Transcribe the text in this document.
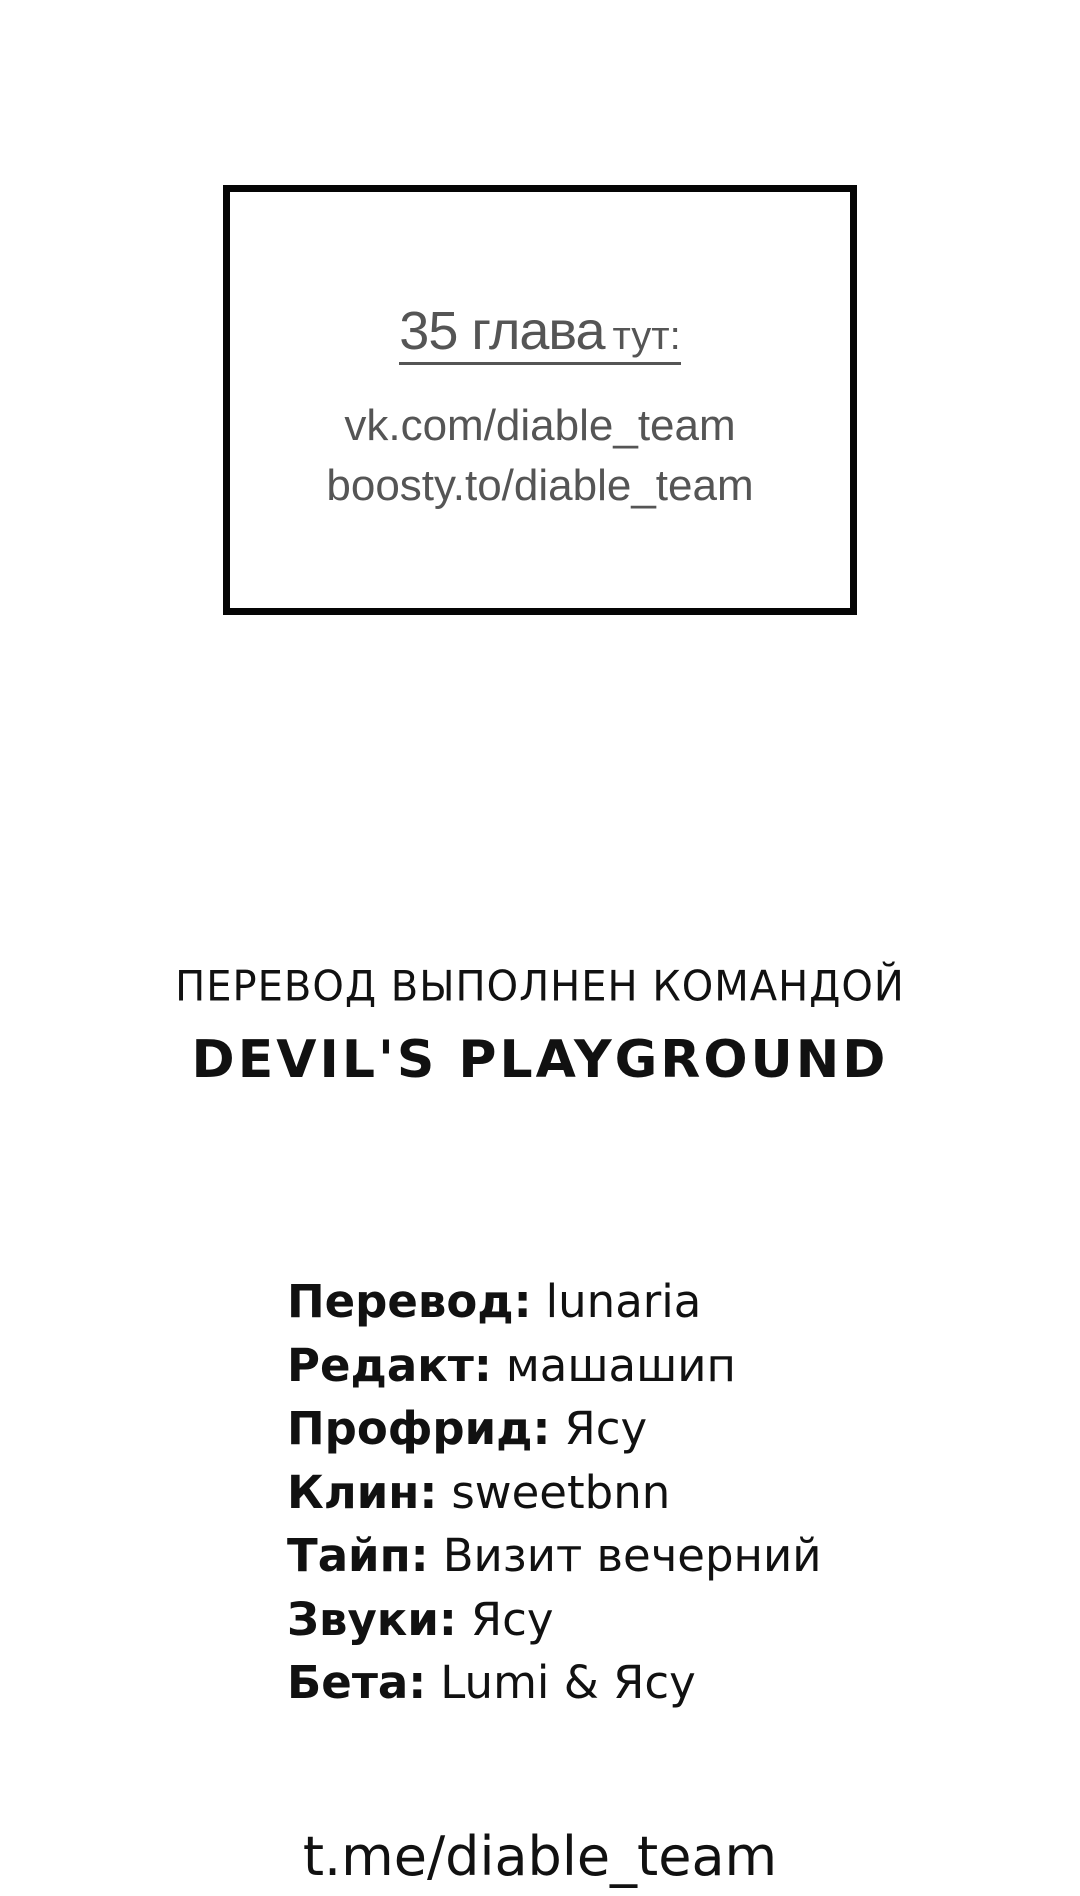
35 глава тут:
vk.com/diable_team
boosty.to/diable_team
ПЕРЕВОД ВЫПОЛНЕН КОМАНДОЙ
DEVIL'S PLAYGROUND
Перевод: lunaria
Редакт: машашип
Профрид: Ясу
Клин: sweetbnn
Тайп: Визит вечерний
Звуки: Ясу
Бета: Lumi & Ясу
t.me/diable_team
